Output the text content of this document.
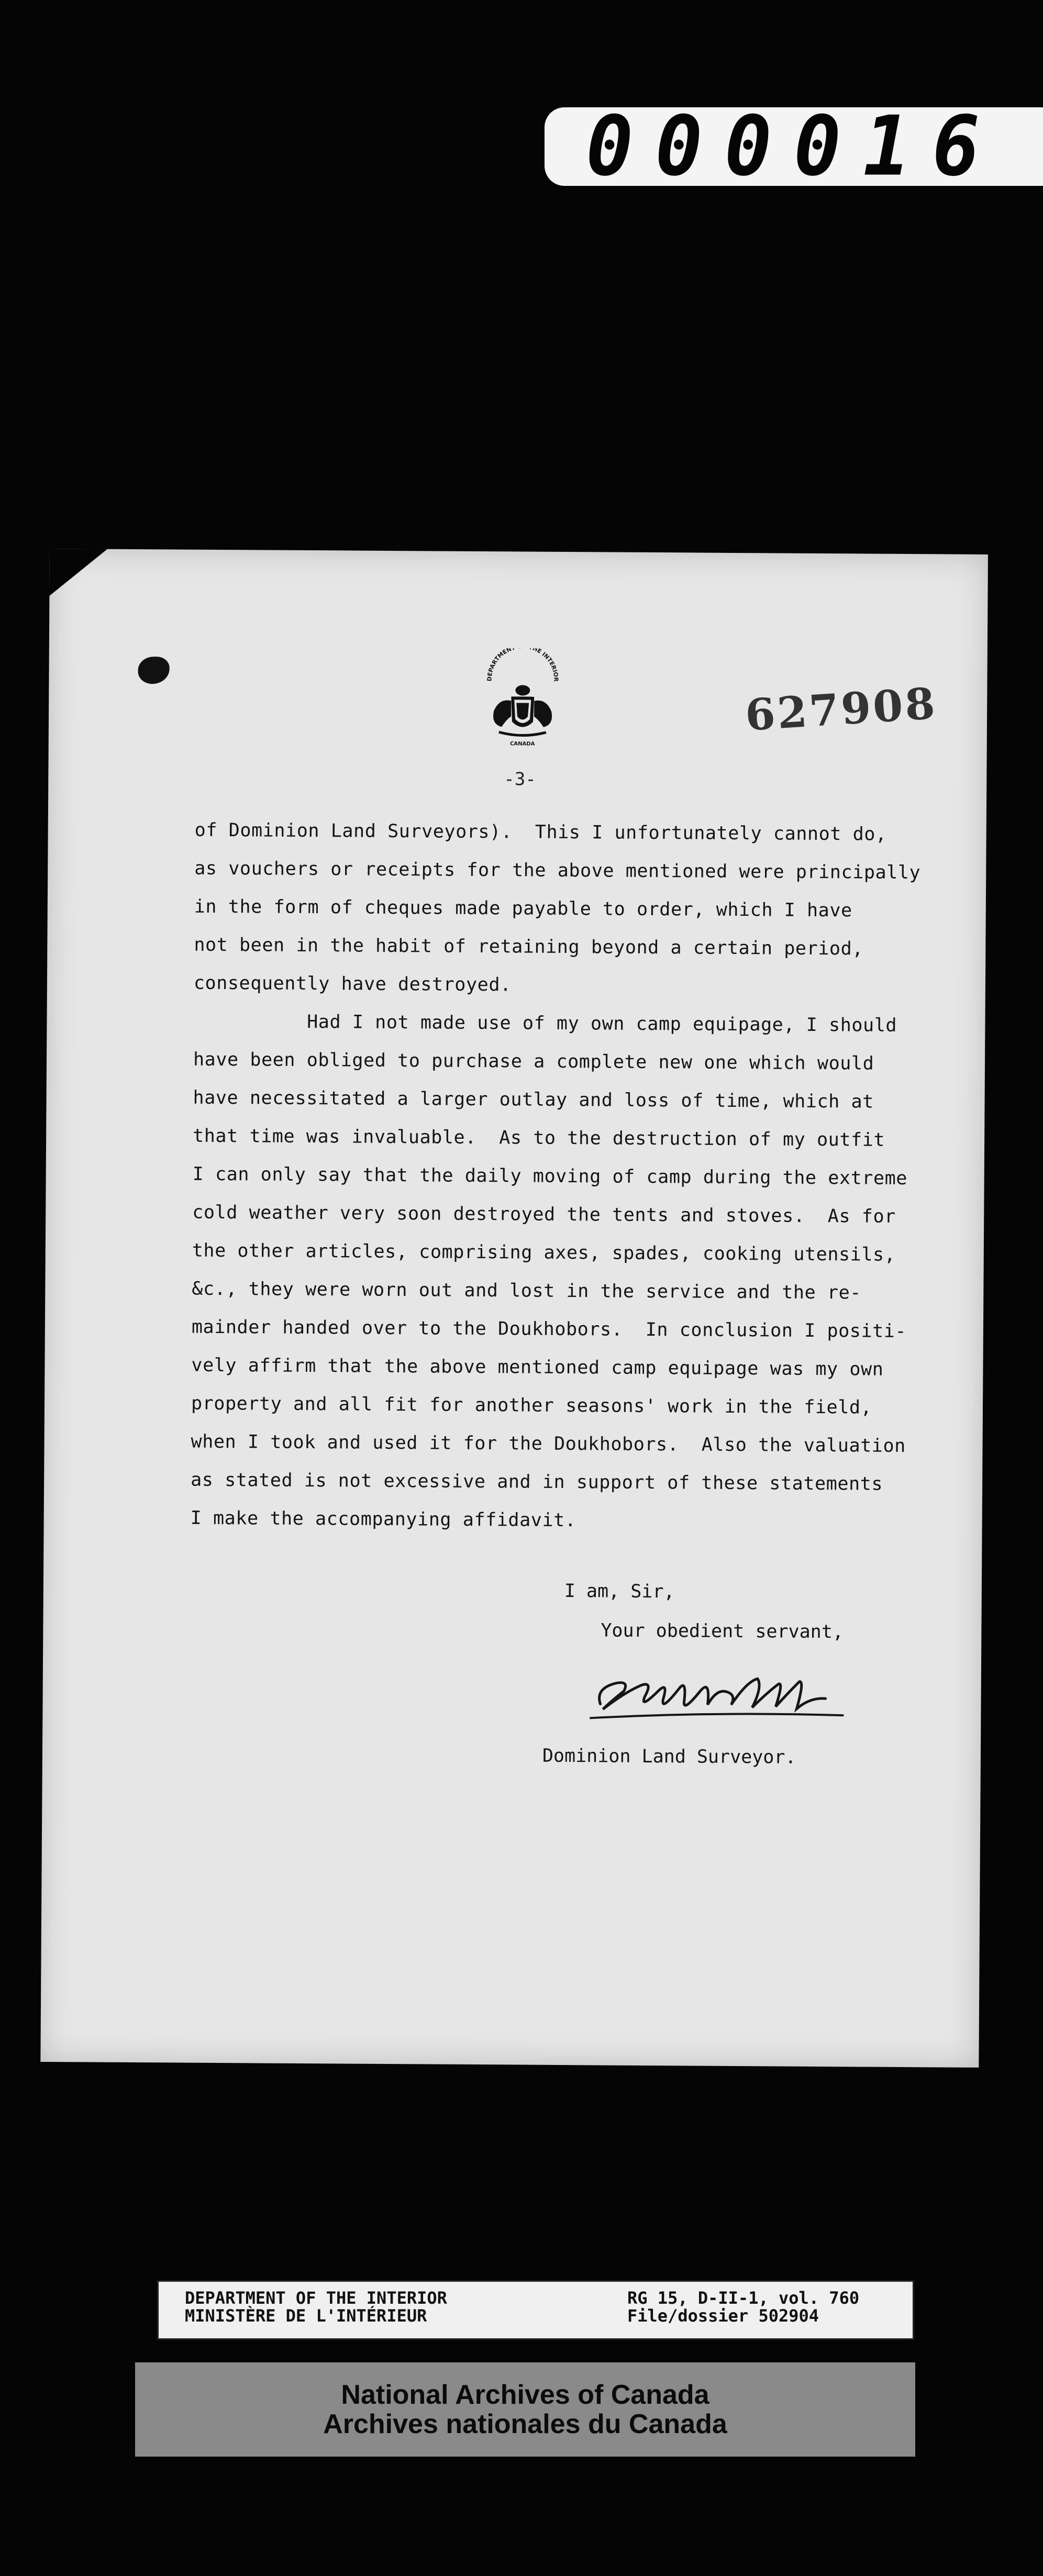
000016
DEPARTMENT THE INTERIOR
CANADA
627908
-3-
of Dominion Land Surveyors).  This I unfortunately cannot do,
as vouchers or receipts for the above mentioned were principally
in the form of cheques made payable to order, which I have
not been in the habit of retaining beyond a certain period,
consequently have destroyed.
Had I not made use of my own camp equipage, I should
have been obliged to purchase a complete new one which would
have necessitated a larger outlay and loss of time, which at
that time was invaluable.  As to the destruction of my outfit
I can only say that the daily moving of camp during the extreme
cold weather very soon destroyed the tents and stoves.  As for
the other articles, comprising axes, spades, cooking utensils,
&c., they were worn out and lost in the service and the re-
mainder handed over to the Doukhobors.  In conclusion I positi-
vely affirm that the above mentioned camp equipage was my own
property and all fit for another seasons' work in the field,
when I took and used it for the Doukhobors.  Also the valuation
as stated is not excessive and in support of these statements
I make the accompanying affidavit.
I am, Sir,
Your obedient servant,
Dominion Land Surveyor.
DEPARTMENT OF THE INTERIOR
MINISTÈRE DE L'INTÉRIEUR
RG 15, D-II-1, vol. 760
File/dossier 502904
National Archives of Canada
Archives nationales du Canada
